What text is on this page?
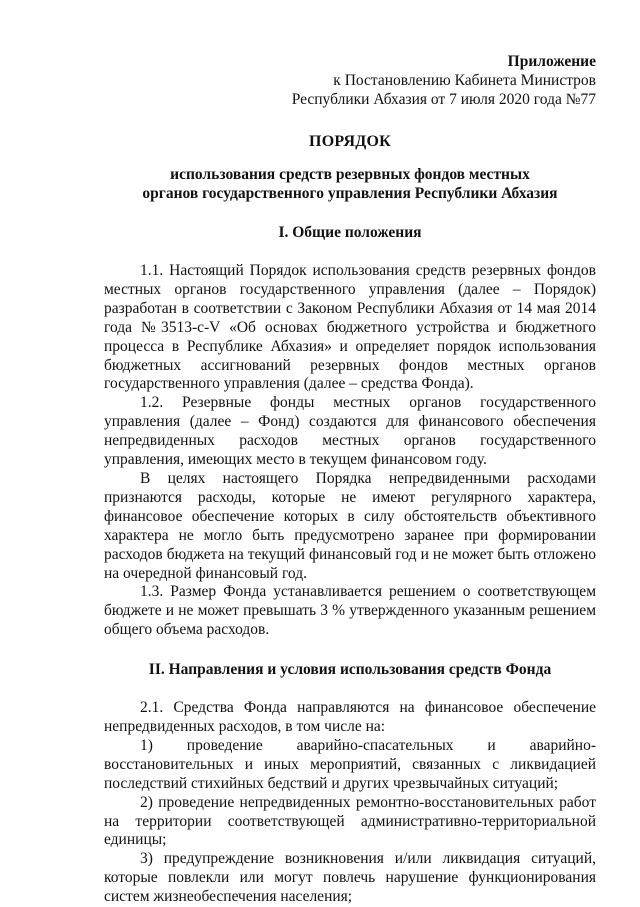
Приложение
к Постановлению Кабинета Министров
Республики Абхазия от 7 июля 2020 года №77
ПОРЯДОК
использования средств резервных фондов местных
органов государственного управления Республики Абхазия
I. Общие положения

1.1. Настоящий Порядок использования средств резервных фондов местных органов государственного управления (далее – Порядок) разработан в соответствии с Законом Республики Абхазия от 14 мая 2014 года №3513-с-V «Об основах бюджетного устройства и бюджетного процесса в Республике Абхазия» и определяет порядок использования бюджетных ассигнований резервных фондов местных органов государственного управления (далее – средства Фонда).

1.2. Резервные фонды местных органов государственного управления (далее – Фонд) создаются для финансового обеспечения непредвиденных расходов местных органов государственного управления, имеющих место в текущем финансовом году.

В целях настоящего Порядка непредвиденными расходами признаются расходы, которые не имеют регулярного характера, финансовое обеспечение которых в силу обстоятельств объективного характера не могло быть предусмотрено заранее при формировании расходов бюджета на текущий финансовый год и не может быть отложено на очередной финансовый год.

1.3. Размер Фонда устанавливается решением о соответствующем бюджете и не может превышать 3 % утвержденного указанным решением общего объема расходов.

II. Направления и условия использования средств Фонда

2.1. Средства Фонда направляются на финансовое обеспечение непредвиденных расходов, в том числе на:

1) проведение аварийно-спасательных и аварийно-восстановительных и иных мероприятий, связанных с ликвидацией последствий стихийных бедствий и других чрезвычайных ситуаций;

2) проведение непредвиденных ремонтно-восстановительных работ на территории соответствующей административно-территориальной единицы;

3) предупреждение возникновения и/или ликвидация ситуаций, которые повлекли или могут повлечь нарушение функционирования систем жизнеобеспечения населения;
